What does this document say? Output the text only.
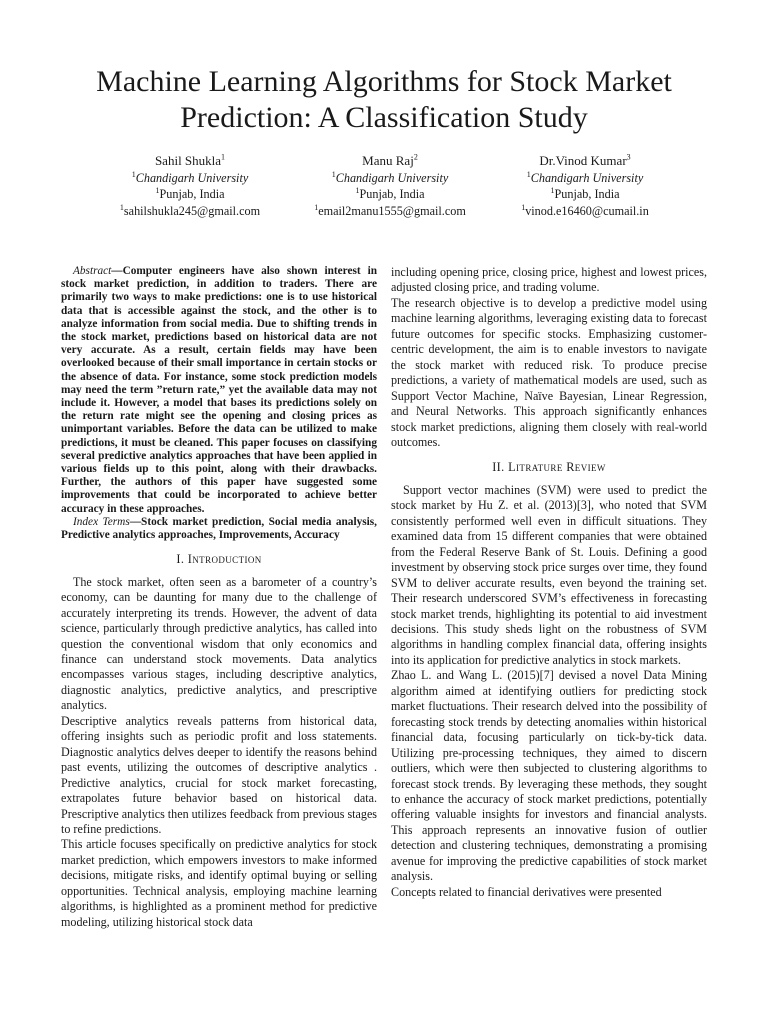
Machine Learning Algorithms for Stock Market Prediction: A Classification Study
Sahil Shukla$^1$
$^1$Chandigarh University
$^1$Punjab, India
$^1$sahilshukla245@gmail.com
Manu Raj$^2$
$^1$Chandigarh University
$^1$Punjab, India
$^1$email2manu1555@gmail.com
Dr.Vinod Kumar$^3$
$^1$Chandigarh University
$^1$Punjab, India
$^1$vinod.e16460@cumail.in

Abstract—Computer engineers have also shown interest in stock market prediction, in addition to traders. There are primarily two ways to make predictions: one is to use historical data that is accessible against the stock, and the other is to analyze information from social media. Due to shifting trends in the stock market, predictions based on historical data are not very accurate. As a result, certain fields may have been overlooked because of their small importance in certain stocks or the absence of data. For instance, some stock prediction models may need the term ”return rate,” yet the available data may not include it. However, a model that bases its predictions solely on the return rate might see the opening and closing prices as unimportant variables. Before the data can be utilized to make predictions, it must be cleaned. This paper focuses on classifying several predictive analytics approaches that have been applied in various fields up to this point, along with their drawbacks. Further, the authors of this paper have suggested some improvements that could be incorporated to achieve better accuracy in these approaches.

Index Terms—Stock market prediction, Social media analysis, Predictive analytics approaches, Improvements, Accuracy

I. Introduction

The stock market, often seen as a barometer of a country’s economy, can be daunting for many due to the challenge of accurately interpreting its trends. However, the advent of data science, particularly through predictive analytics, has called into question the conventional wisdom that only economics and finance can understand stock movements. Data analytics encompasses various stages, including descriptive analytics, diagnostic analytics, predictive analytics, and prescriptive analytics.

Descriptive analytics reveals patterns from historical data, offering insights such as periodic profit and loss statements. Diagnostic analytics delves deeper to identify the reasons behind past events, utilizing the outcomes of descriptive analytics . Predictive analytics, crucial for stock market forecasting, extrapolates future behavior based on historical data. Prescriptive analytics then utilizes feedback from previous stages to refine predictions.

This article focuses specifically on predictive analytics for stock market prediction, which empowers investors to make informed decisions, mitigate risks, and identify optimal buying or selling opportunities. Technical analysis, employing machine learning algorithms, is highlighted as a prominent method for predictive modeling, utilizing historical stock data

including opening price, closing price, highest and lowest prices, adjusted closing price, and trading volume.

The research objective is to develop a predictive model using machine learning algorithms, leveraging existing data to forecast future outcomes for specific stocks. Emphasizing customer-centric development, the aim is to enable investors to navigate the stock market with reduced risk. To produce precise predictions, a variety of mathematical models are used, such as Support Vector Machine, Naïve Bayesian, Linear Regression, and Neural Networks. This approach significantly enhances stock market predictions, aligning them closely with real-world outcomes.

II. Litrature Review

Support vector machines (SVM) were used to predict the stock market by Hu Z. et al. (2013)[3], who noted that SVM consistently performed well even in difficult situations. They examined data from 15 different companies that were obtained from the Federal Reserve Bank of St. Louis. Defining a good investment by observing stock price surges over time, they found SVM to deliver accurate results, even beyond the training set. Their research underscored SVM’s effectiveness in forecasting stock market trends, highlighting its potential to aid investment decisions. This study sheds light on the robustness of SVM algorithms in handling complex financial data, offering insights into its application for predictive analytics in stock markets.

Zhao L. and Wang L. (2015)[7] devised a novel Data Mining algorithm aimed at identifying outliers for predicting stock market fluctuations. Their research delved into the possibility of forecasting stock trends by detecting anomalies within historical financial data, focusing particularly on tick-by-tick data. Utilizing pre-processing techniques, they aimed to discern outliers, which were then subjected to clustering algorithms to forecast stock trends. By leveraging these methods, they sought to enhance the accuracy of stock market predictions, potentially offering valuable insights for investors and financial analysts. This approach represents an innovative fusion of outlier detection and clustering techniques, demonstrating a promising avenue for improving the predictive capabilities of stock market analysis.

Concepts related to financial derivatives were presented
